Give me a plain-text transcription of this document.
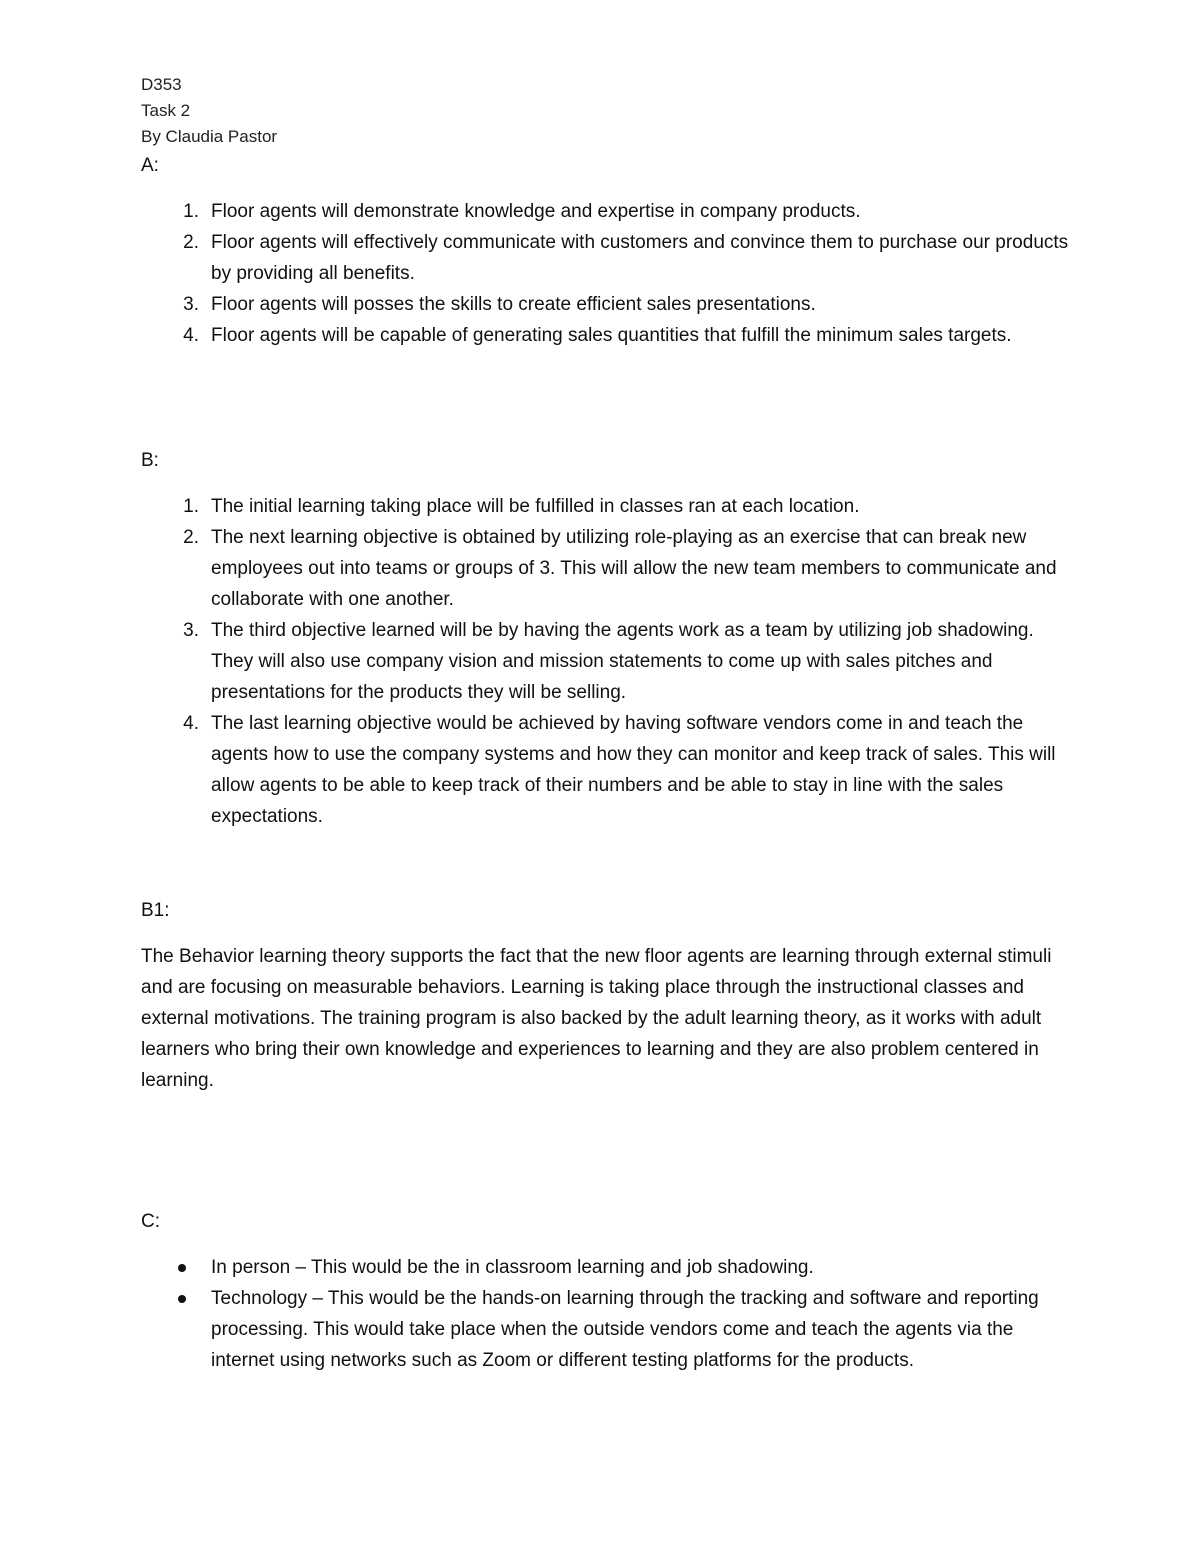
D353

Task 2

By Claudia Pastor

A:
1. Floor agents will demonstrate knowledge and expertise in company products.
2. Floor agents will effectively communicate with customers and convince them to purchase our products by providing all benefits.
3. Floor agents will posses the skills to create efficient sales presentations.
4. Floor agents will be capable of generating sales quantities that fulfill the minimum sales targets.
B:
1. The initial learning taking place will be fulfilled in classes ran at each location.
2. The next learning objective is obtained by utilizing role-playing as an exercise that can break new employees out into teams or groups of 3. This will allow the new team members to communicate and collaborate with one another.
3. The third objective learned will be by having the agents work as a team by utilizing job shadowing. They will also use company vision and mission statements to come up with sales pitches and presentations for the products they will be selling.
4. The last learning objective would be achieved by having software vendors come in and teach the agents how to use the company systems and how they can monitor and keep track of sales. This will allow agents to be able to keep track of their numbers and be able to stay in line with the sales expectations.
B1:

The Behavior learning theory supports the fact that the new floor agents are learning through external stimuli and are focusing on measurable behaviors. Learning is taking place through the instructional classes and external motivations. The training program is also backed by the adult learning theory, as it works with adult learners who bring their own knowledge and experiences to learning and they are also problem centered in learning.

C:
In person – This would be the in classroom learning and job shadowing.
Technology – This would be the hands-on learning through the tracking and software and reporting processing. This would take place when the outside vendors come and teach the agents via the internet using networks such as Zoom or different testing platforms for the products.
